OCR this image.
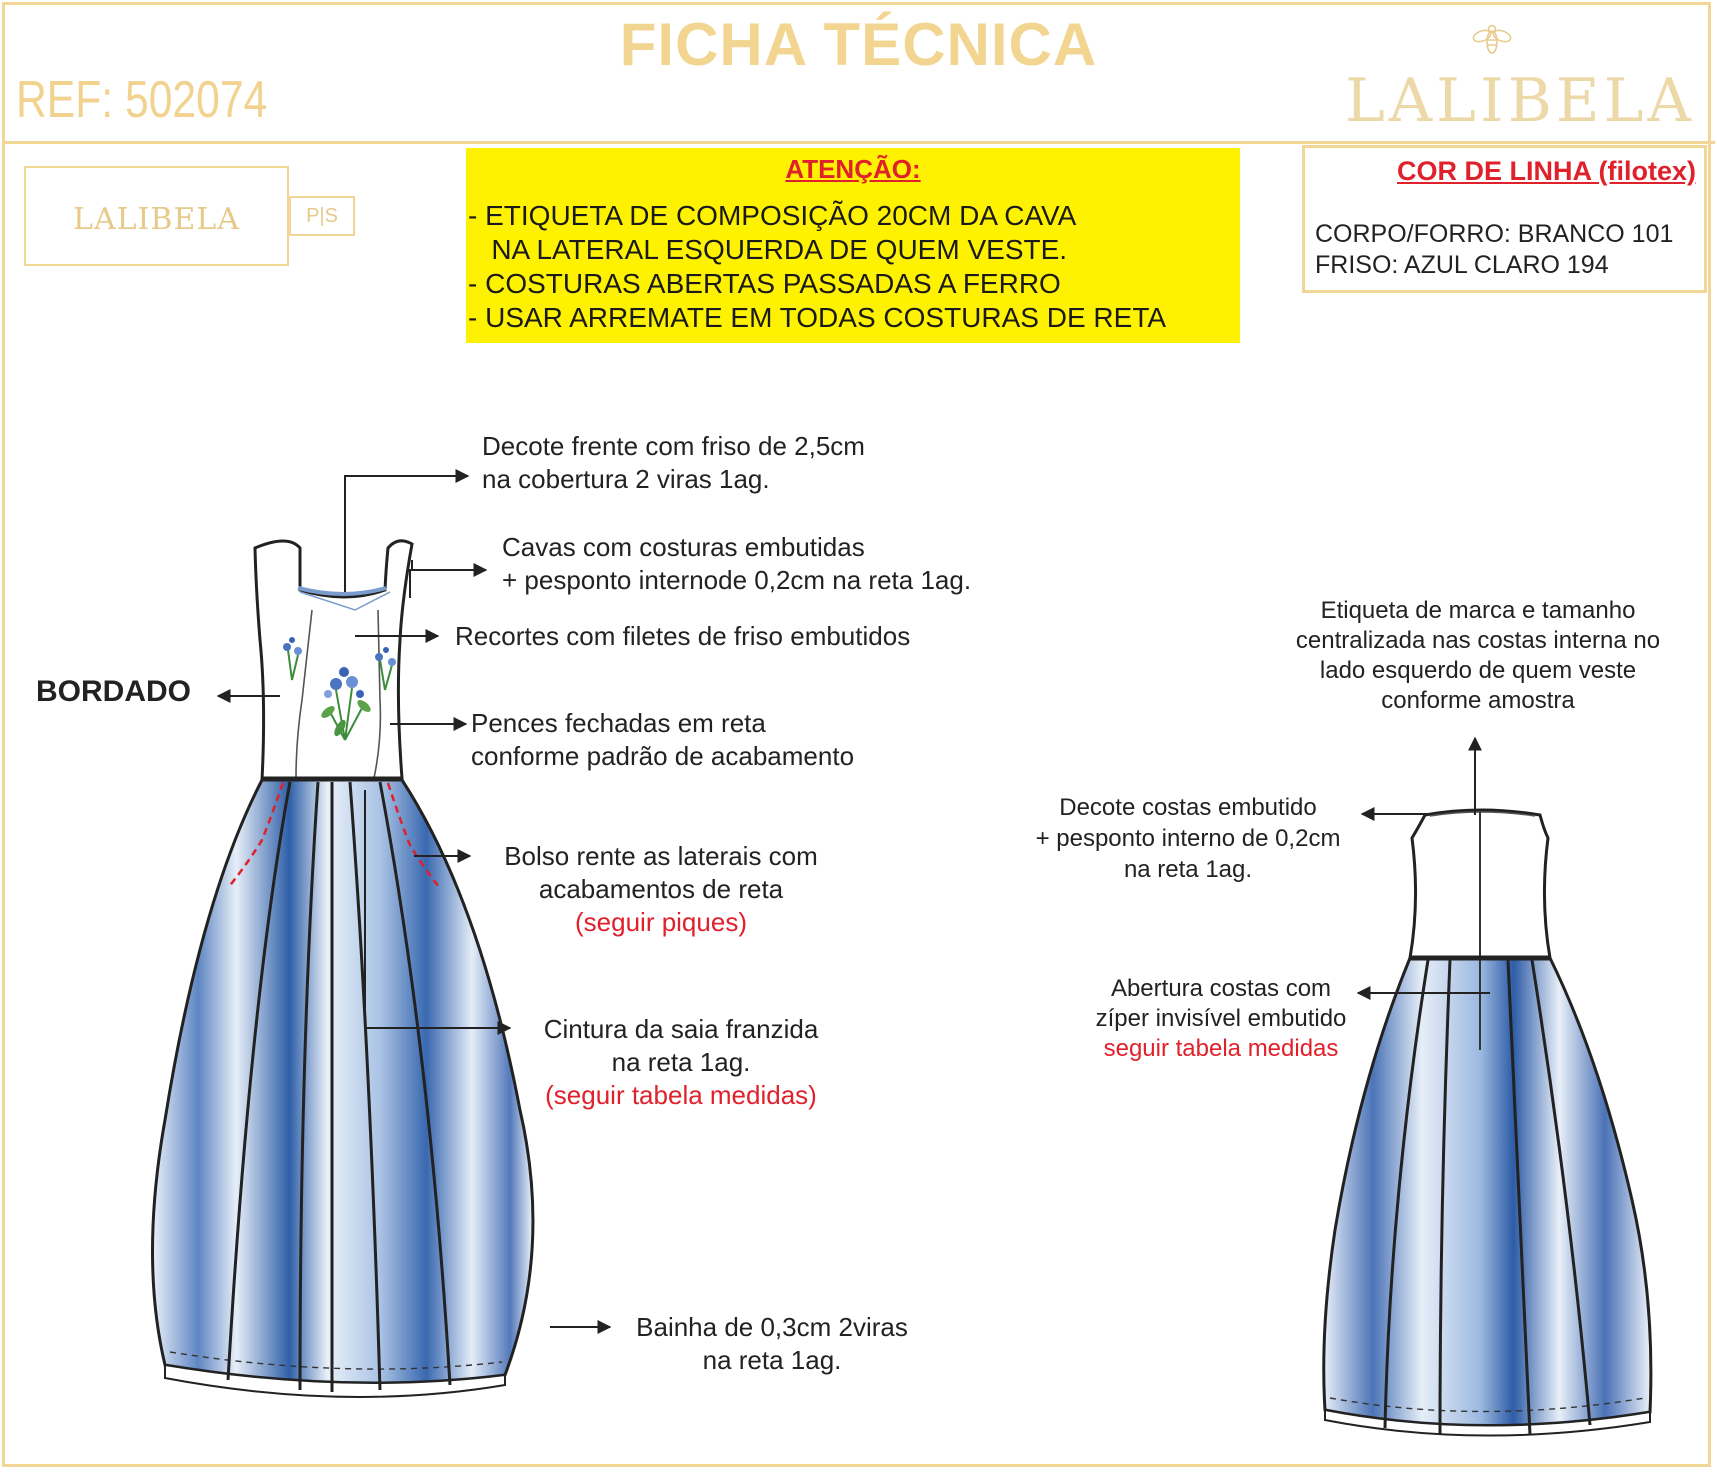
FICHA TÉCNICA
REF: 502074	LALIBELA
LALIBELA	P|S
ATENÇÃO:
- ETIQUETA DE COMPOSIÇÃO 20CM DA CAVA
NA LATERAL ESQUERDA DE QUEM VESTE.
- COSTURAS ABERTAS PASSADAS A FERRO
- USAR ARREMATE EM TODAS COSTURAS DE RETA
COR DE LINHA (filotex)
CORPO/FORRO: BRANCO 101
FRISO: AZUL CLARO 194
BORDADO
Decote frente com friso de 2,5cm
na cobertura 2 viras 1ag.
Cavas com costuras embutidas
+ pesponto internode 0,2cm na reta 1ag.
Recortes com filetes de friso embutidos
Pences fechadas em reta
conforme padrão de acabamento
Bolso rente as laterais com
acabamentos de reta
(seguir piques)
Cintura da saia franzida
na reta 1ag.
(seguir tabela medidas)
Bainha de 0,3cm 2viras
na reta 1ag.
Etiqueta de marca e tamanho
centralizada nas costas interna no
lado esquerdo de quem veste
conforme amostra
Decote costas embutido
+ pesponto interno de 0,2cm
na reta 1ag.
Abertura costas com
zíper invisível embutido
seguir tabela medidas
